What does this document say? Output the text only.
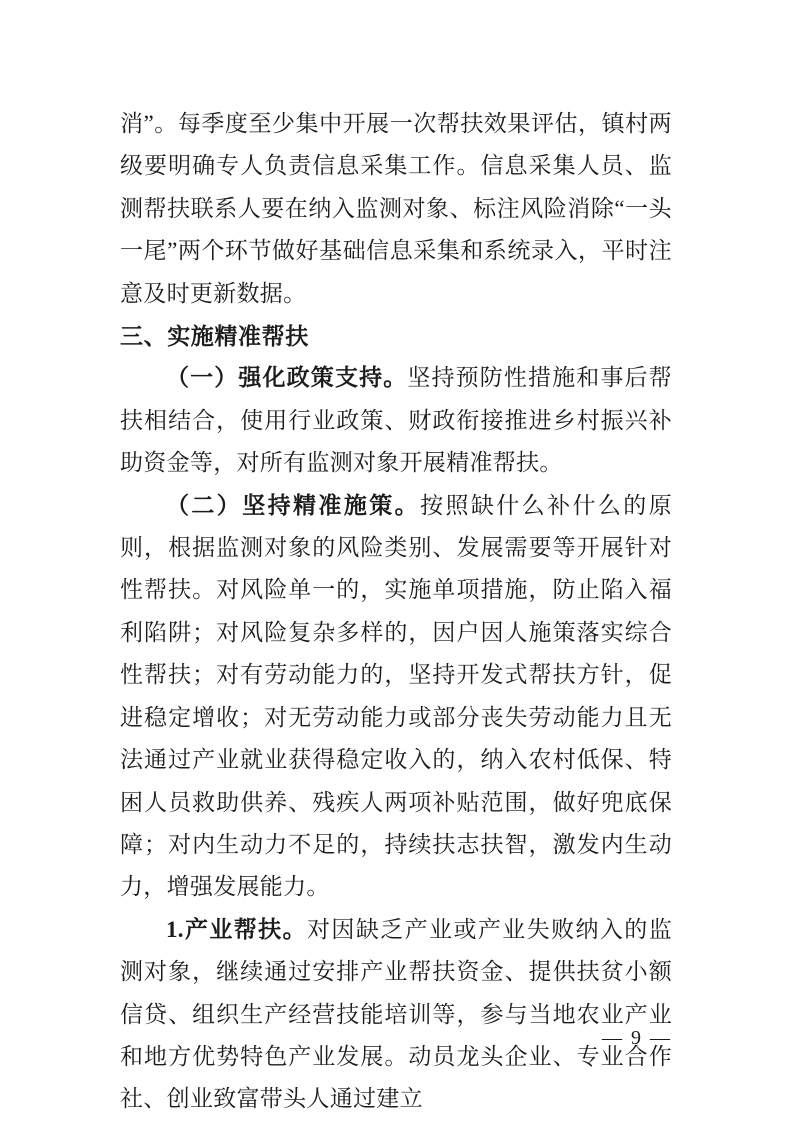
消”。每季度至少集中开展一次帮扶效果评估，镇村两级要明确专人负责信息采集工作。信息采集人员、监测帮扶联系人要在纳入监测对象、标注风险消除“一头一尾”两个环节做好基础信息采集和系统录入，平时注意及时更新数据。

三、实施精准帮扶

（一）强化政策支持。坚持预防性措施和事后帮扶相结合，使用行业政策、财政衔接推进乡村振兴补助资金等，对所有监测对象开展精准帮扶。

（二）坚持精准施策。按照缺什么补什么的原则，根据监测对象的风险类别、发展需要等开展针对性帮扶。对风险单一的，实施单项措施，防止陷入福利陷阱；对风险复杂多样的，因户因人施策落实综合性帮扶；对有劳动能力的，坚持开发式帮扶方针，促进稳定增收；对无劳动能力或部分丧失劳动能力且无法通过产业就业获得稳定收入的，纳入农村低保、特困人员救助供养、残疾人两项补贴范围，做好兜底保障；对内生动力不足的，持续扶志扶智，激发内生动力，增强发展能力。

1.产业帮扶。对因缺乏产业或产业失败纳入的监测对象，继续通过安排产业帮扶资金、提供扶贫小额信贷、组织生产经营技能培训等，参与当地农业产业和地方优势特色产业发展。动员龙头企业、专业合作社、创业致富带头人通过建立

— 9 —
